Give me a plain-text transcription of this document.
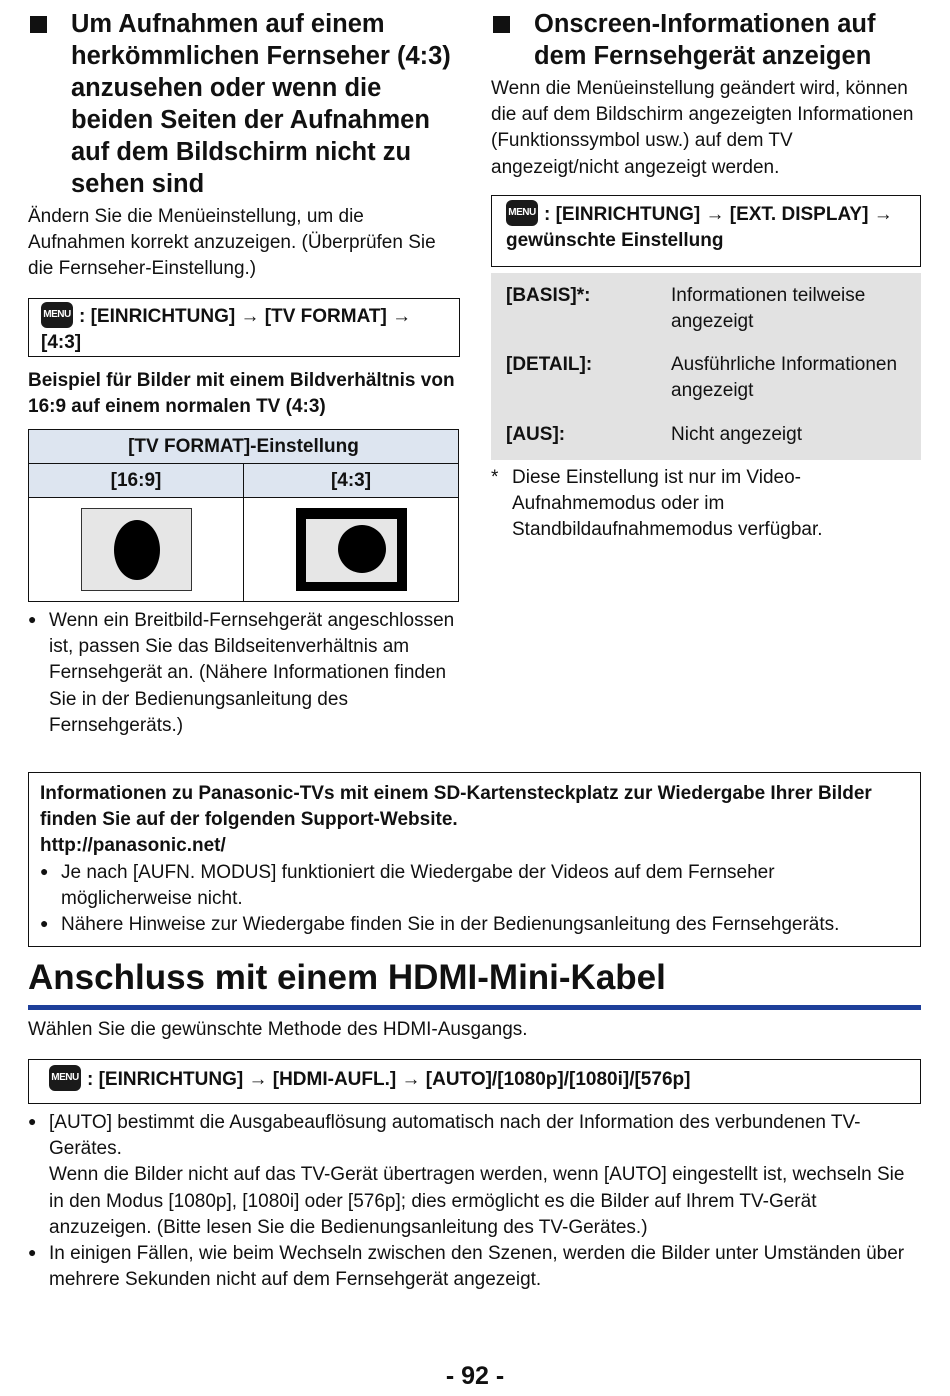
Um Aufnahmen auf einem herkömmlichen Fernseher (4:3) anzusehen oder wenn die beiden Seiten der Aufnahmen auf dem Bildschirm nicht zu sehen sind

Ändern Sie die Menüeinstellung, um die Aufnahmen korrekt anzuzeigen. (Überprüfen Sie die Fernseher-Einstellung.)

MENU : [EINRICHTUNG] → [TV FORMAT] → [4:3]

Beispiel für Bilder mit einem Bildverhältnis von 16:9 auf einem normalen TV (4:3)

[TV FORMAT]-Einstellung	
[16:9]	[4:3]

●
Wenn ein Breitbild-Fernsehgerät angeschlossen ist, passen Sie das Bildseitenverhältnis am Fernsehgerät an. (Nähere Informationen finden Sie in der Bedienungsanleitung des Fernsehgeräts.)
Onscreen-Informationen auf dem Fernsehgerät anzeigen

Wenn die Menüeinstellung geändert wird, können die auf dem Bildschirm angezeigten Informationen (Funktionssymbol usw.) auf dem TV angezeigt/nicht angezeigt werden.

MENU : [EINRICHTUNG] → [EXT. DISPLAY] → gewünschte Einstellung
[BASIS]*:	Informationen teilweise angezeigt
[DETAIL]:	Ausführliche Informationen angezeigt
[AUS]:	Nicht angezeigt
* Diese Einstellung ist nur im Video-Aufnahmemodus oder im Standbildaufnahmemodus verfügbar.
Informationen zu Panasonic-TVs mit einem SD-Kartensteckplatz zur Wiedergabe Ihrer Bilder finden Sie auf der folgenden Support-Website.
http://panasonic.net/
●
Je nach [AUFN. MODUS] funktioniert die Wiedergabe der Videos auf dem Fernseher möglicherweise nicht.
●
Nähere Hinweise zur Wiedergabe finden Sie in der Bedienungsanleitung des Fernsehgeräts.
Anschluss mit einem HDMI-Mini-Kabel

Wählen Sie die gewünschte Methode des HDMI-Ausgangs.

MENU : [EINRICHTUNG] → [HDMI-AUFL.] → [AUTO]/[1080p]/[1080i]/[576p]
●
[AUTO] bestimmt die Ausgabeauflösung automatisch nach der Information des verbundenen TV-Gerätes.
Wenn die Bilder nicht auf das TV-Gerät übertragen werden, wenn [AUTO] eingestellt ist, wechseln Sie in den Modus [1080p], [1080i] oder [576p]; dies ermöglicht es die Bilder auf Ihrem TV-Gerät anzuzeigen. (Bitte lesen Sie die Bedienungsanleitung des TV-Gerätes.)
●
In einigen Fällen, wie beim Wechseln zwischen den Szenen, werden die Bilder unter Umständen über mehrere Sekunden nicht auf dem Fernsehgerät angezeigt.
- 92 -
